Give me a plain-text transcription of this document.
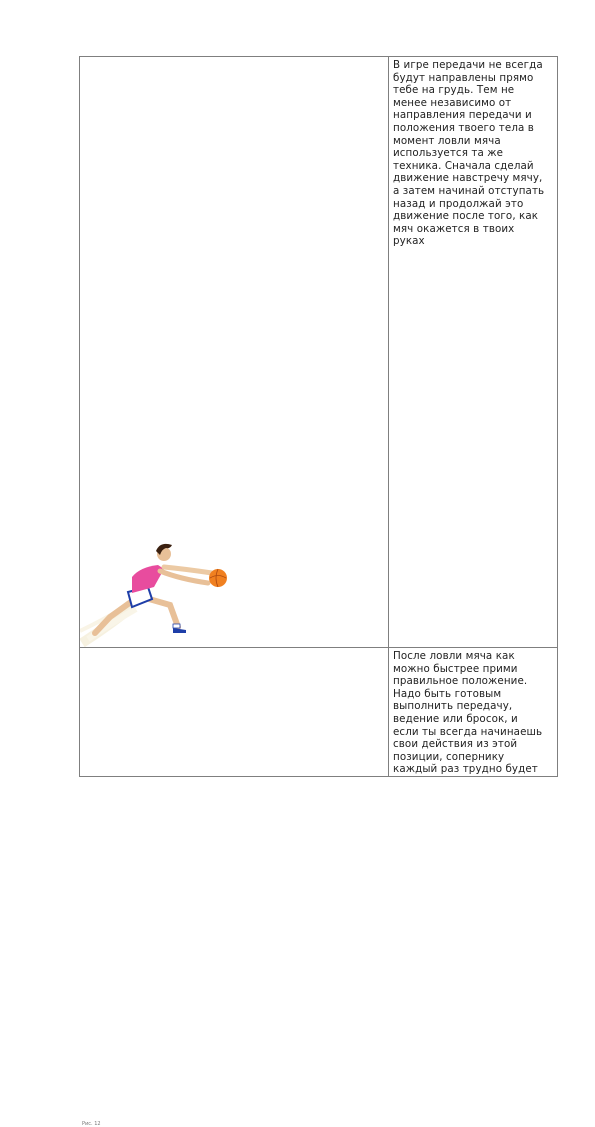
В игре передачи не всегда
будут направлены прямо
тебе на грудь. Тем не
менее независимо от
направления передачи и
положения твоего тела в
момент ловли мяча
используется та же
техника. Сначала сделай
движение навстречу мячу,
а затем начинай отступать
назад и продолжай это
движение после того, как
мяч окажется в твоих
руках
После ловли мяча как
можно быстрее прими
правильное положение.
Надо быть готовым
выполнить передачу,
ведение или бросок, и
если ты всегда начинаешь
свои действия из этой
позиции, сопернику
каждый раз трудно будет
Рис. 12
